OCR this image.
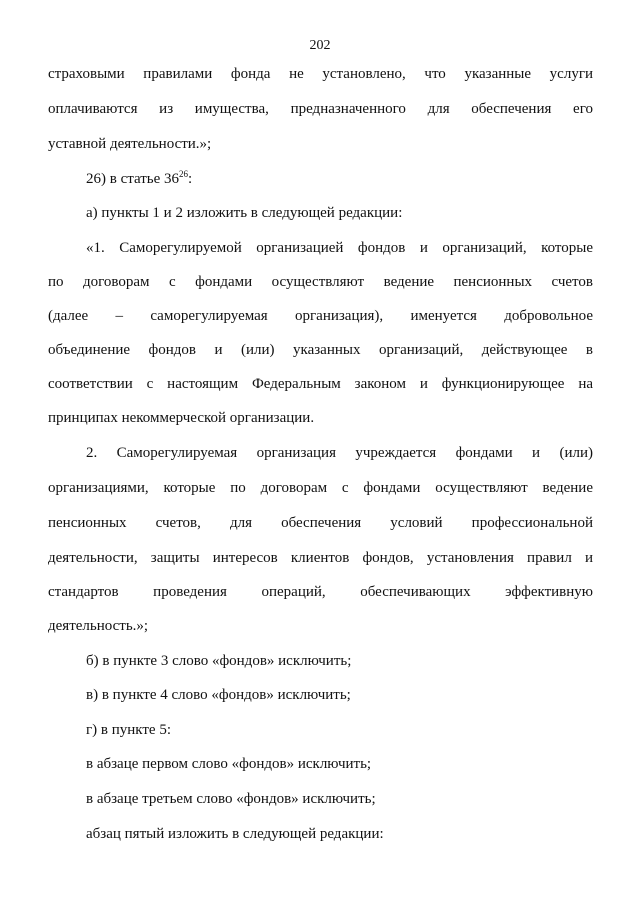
202
страховыми правилами фонда не установлено, что указанные услуги
оплачиваются из имущества, предназначенного для обеспечения его
уставной деятельности.»;
26) в статье $36^{26}$:
а) пункты 1 и 2 изложить в следующей редакции:
«1. Саморегулируемой организацией фондов и организаций, которые
по договорам с фондами осуществляют ведение пенсионных счетов
(далее – саморегулируемая организация), именуется добровольное
объединение фондов и (или) указанных организаций, действующее в
соответствии с настоящим Федеральным законом и функционирующее на
принципах некоммерческой организации.
2. Саморегулируемая организация учреждается фондами и (или)
организациями, которые по договорам с фондами осуществляют ведение
пенсионных счетов, для обеспечения условий профессиональной
деятельности, защиты интересов клиентов фондов, установления правил и
стандартов проведения операций, обеспечивающих эффективную
деятельность.»;
б) в пункте 3 слово «фондов» исключить;
в) в пункте 4 слово «фондов» исключить;
г) в пункте 5:
в абзаце первом слово «фондов» исключить;
в абзаце третьем слово «фондов» исключить;
абзац пятый изложить в следующей редакции:
